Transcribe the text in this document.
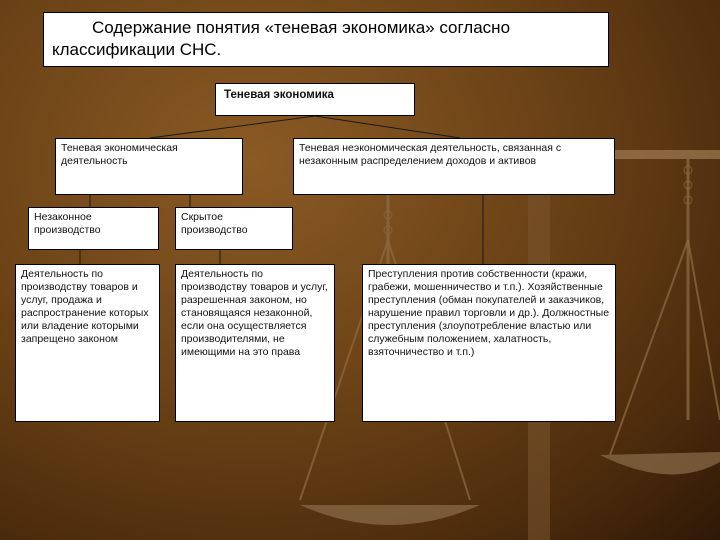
Содержание понятия «теневая экономика» согласно классификации СНС.
Теневая экономика
Теневая экономическая деятельность
Теневая неэкономическая деятельность, связанная с незаконным распределением доходов и активов
Незаконное производство
Скрытое производство
Деятельность по производству товаров и услуг, продажа и распространение которых или владение которыми запрещено законом
Деятельность по производству товаров и услуг, разрешенная законом, но становящаяся незаконной, если она осуществляется производителями, не имеющими на это права
Преступления против собственности (кражи, грабежи, мошенничество и т.п.). Хозяйственные преступления (обман покупателей и заказчиков, нарушение правил торговли и др.). Должностные преступления (злоупотребление властью или служебным положением, халатность, взяточничество и т.п.)
